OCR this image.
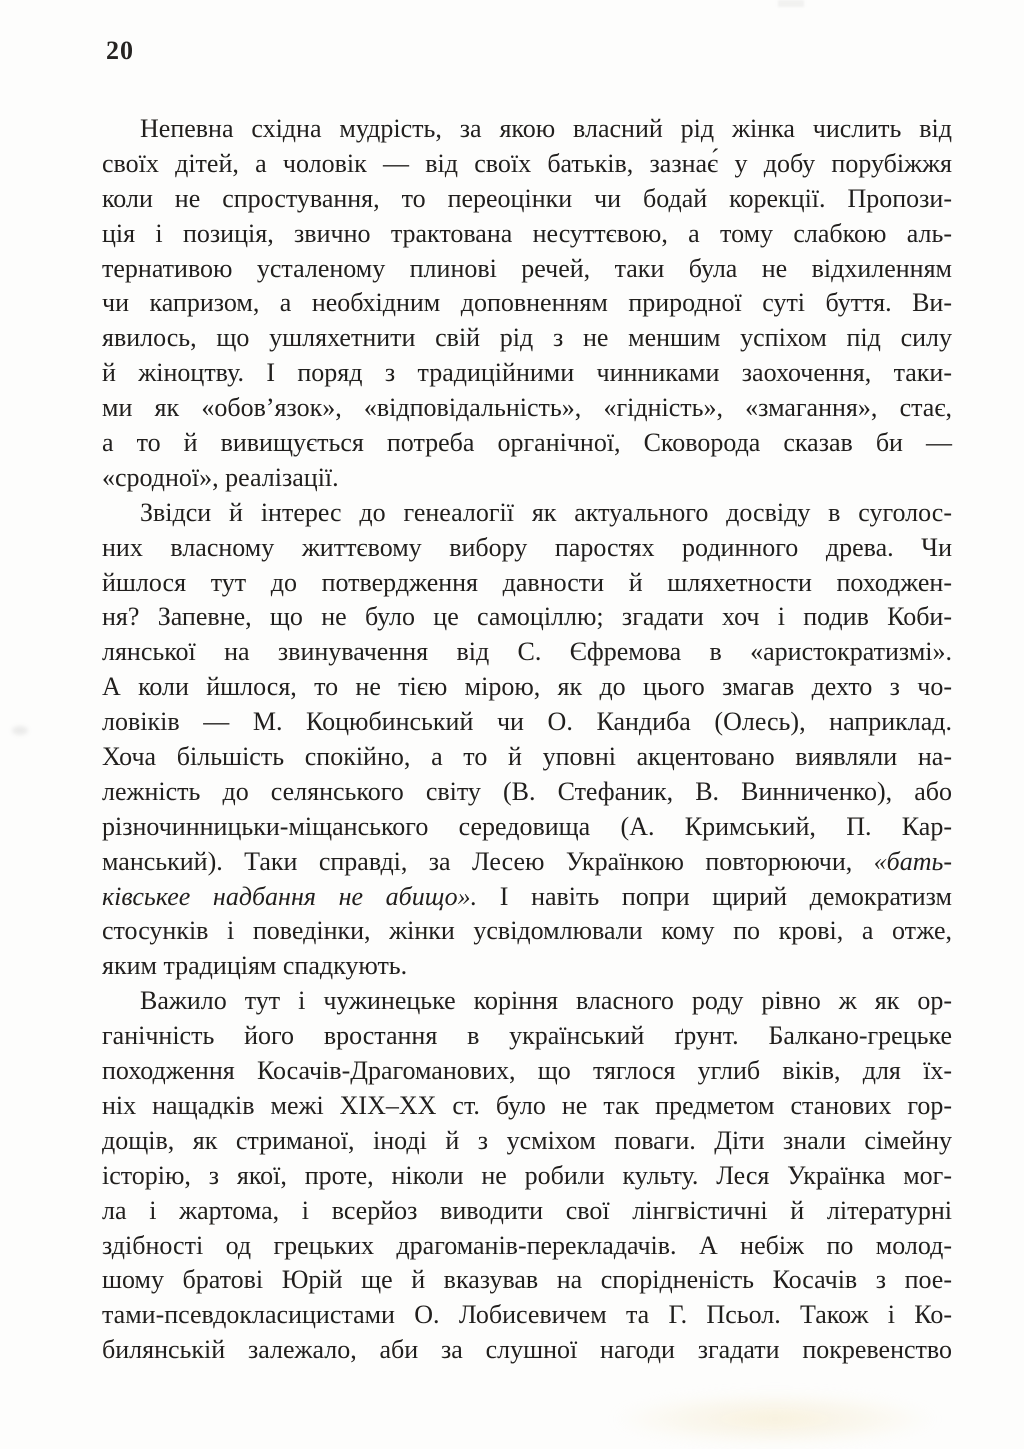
20
Непевна східна мудрість, за якою власний рід жінка числить від
своїх дітей, а чоловік — від своїх батьків, зазнає́ у добу порубіжжя
коли не спростування, то переоцінки чи бодай корекції. Пропози-
ція і позиція, звично трактована несуттєвою, а тому слабкою аль-
тернативою усталеному плинові речей, таки була не відхиленням
чи капризом, а необхідним доповненням природної суті буття. Ви-
явилось, що ушляхетнити свій рід з не меншим успіхом під силу
й жіноцтву. І поряд з традиційними чинниками заохочення, таки-
ми як «обов’язок», «відповідальність», «гідність», «змагання», стає,
а то й вивищується потреба органічної, Сковорода сказав би —
«сродної», реалізації.
Звідси й інтерес до генеалогії як актуального досвіду в суголос-
них власному життєвому вибору паростях родинного древа. Чи
йшлося тут до потвердження давности й шляхетности походжен-
ня? Запевне, що не було це самоціллю; згадати хоч і подив Коби-
лянської на звинувачення від С. Єфремова в «аристократизмі».
А коли йшлося, то не тією мірою, як до цього змагав дехто з чо-
ловіків — М. Коцюбинський чи О. Кандиба (Олесь), наприклад.
Хоча більшість спокійно, а то й уповні акцентовано виявляли на-
лежність до селянського світу (В. Стефаник, В. Винниченко), або
різночинницьки-міщанського середовища (А. Кримський, П. Кар-
манський). Таки справді, за Лесею Українкою повторюючи, «бать-
ківськее надбання не абищо». І навіть попри щирий демократизм
стосунків і поведінки, жінки усвідомлювали кому по крові, а отже,
яким традиціям спадкують.
Важило тут і чужинецьке коріння власного роду рівно ж як ор-
ганічність його вростання в український ґрунт. Балкано-грецьке
походження Косачів-Драгоманових, що тяглося углиб віків, для їх-
ніх нащадків межі XIX–XX ст. було не так предметом станових гор-
дощів, як стриманої, іноді й з усміхом поваги. Діти знали сімейну
історію, з якої, проте, ніколи не робили культу. Леся Українка мог-
ла і жартома, і всерйоз виводити свої лінгвістичні й літературні
здібності од грецьких драгоманів-перекладачів. А небіж по молод-
шому братові Юрій ще й вказував на спорідненість Косачів з пое-
тами-псевдокласицистами О. Лобисевичем та Г. Псьол. Також і Ко-
билянській залежало, аби за слушної нагоди згадати покревенство
